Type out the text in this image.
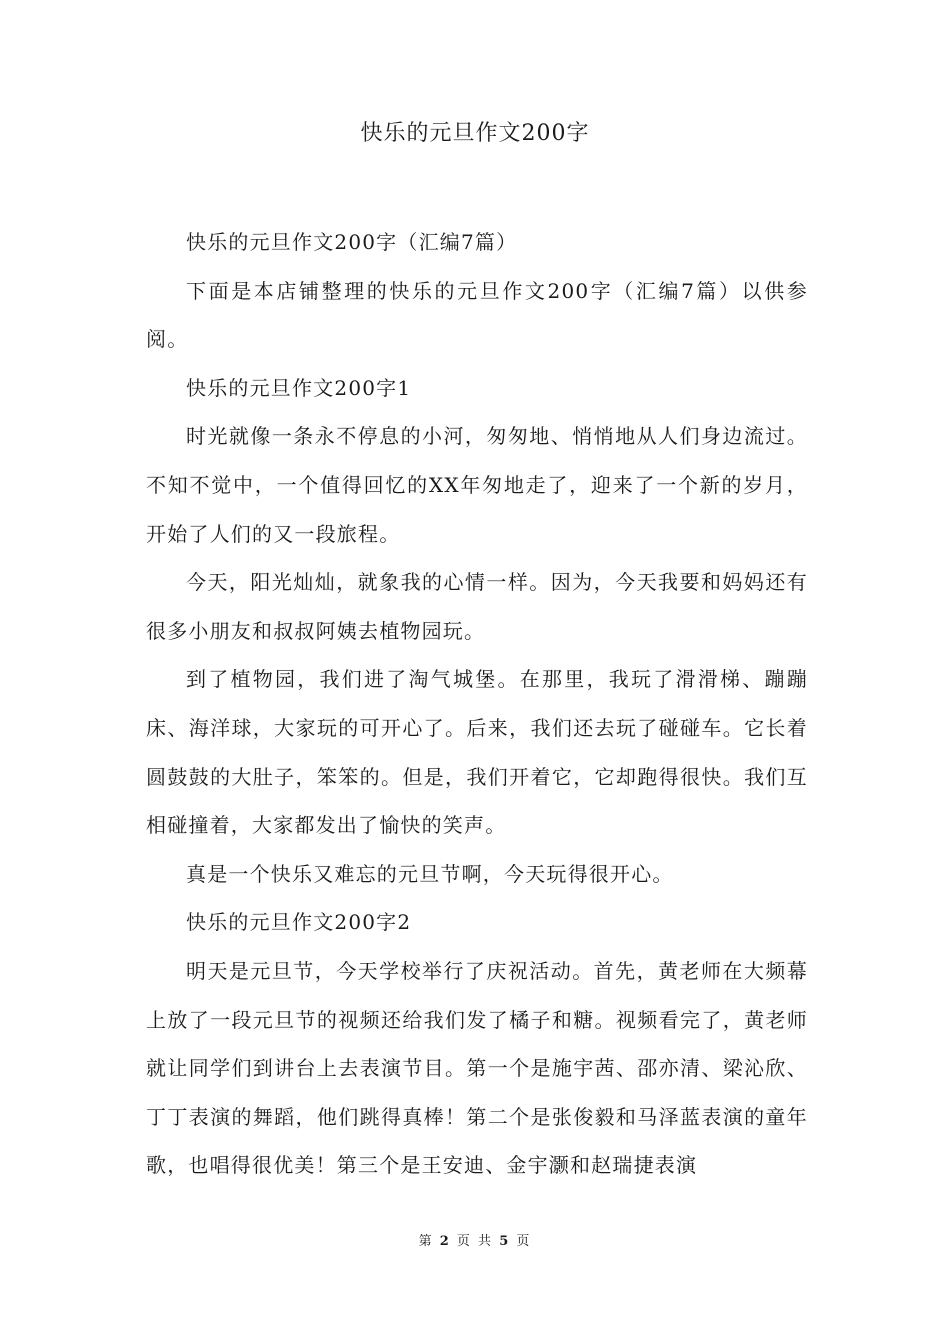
快乐的元旦作文200字

快乐的元旦作文200字（汇编7篇）

下面是本店铺整理的快乐的元旦作文200字（汇编7篇）以供参阅。

快乐的元旦作文200字1

时光就像一条永不停息的小河，匆匆地、悄悄地从人们身边流过。不知不觉中，一个值得回忆的XX年匆地走了，迎来了一个新的岁月，开始了人们的又一段旅程。

今天，阳光灿灿，就象我的心情一样。因为，今天我要和妈妈还有很多小朋友和叔叔阿姨去植物园玩。

到了植物园，我们进了淘气城堡。在那里，我玩了滑滑梯、蹦蹦床、海洋球，大家玩的可开心了。后来，我们还去玩了碰碰车。它长着圆鼓鼓的大肚子，笨笨的。但是，我们开着它，它却跑得很快。我们互相碰撞着，大家都发出了愉快的笑声。

真是一个快乐又难忘的元旦节啊，今天玩得很开心。

快乐的元旦作文200字2

明天是元旦节，今天学校举行了庆祝活动。首先，黄老师在大频幕上放了一段元旦节的视频还给我们发了橘子和糖。视频看完了，黄老师就让同学们到讲台上去表演节目。第一个是施宇茜、邵亦清、梁沁欣、丁丁表演的舞蹈，他们跳得真棒！第二个是张俊毅和马泽蓝表演的童年歌，也唱得很优美！第三个是王安迪、金宇灏和赵瑞捷表演

第 2 页 共 5 页
